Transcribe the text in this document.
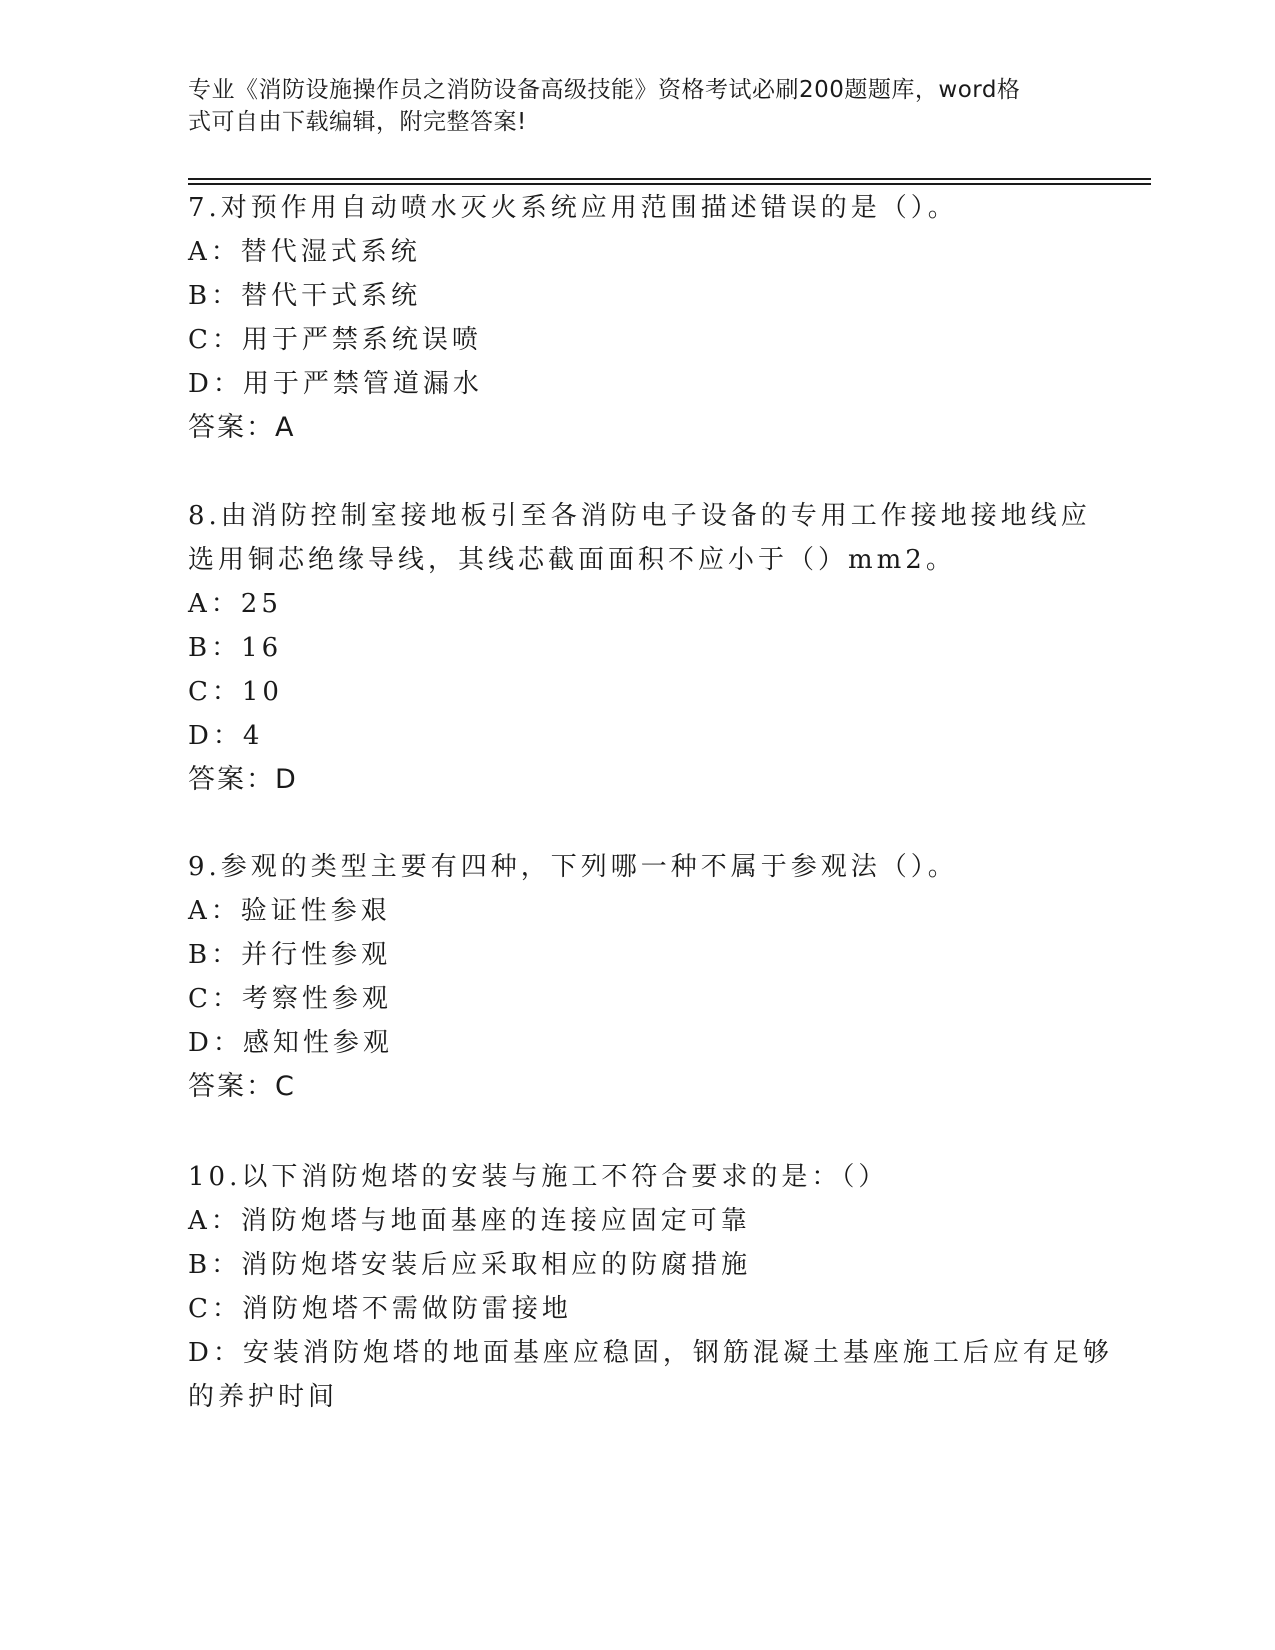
专业《消防设施操作员之消防设备高级技能》资格考试必刷200题题库，word格
式可自由下载编辑，附完整答案!
7.对预作用自动喷水灭火系统应用范围描述错误的是（）。
A：替代湿式系统
B：替代干式系统
C：用于严禁系统误喷
D：用于严禁管道漏水
答案：A
8.由消防控制室接地板引至各消防电子设备的专用工作接地接地线应
选用铜芯绝缘导线，其线芯截面面积不应小于（）mm2。
A：25
B：16
C：10
D：4
答案：D
9.参观的类型主要有四种，下列哪一种不属于参观法（）。
A：验证性参艰
B：并行性参观
C：考察性参观
D：感知性参观
答案：C
10.以下消防炮塔的安装与施工不符合要求的是：（）
A：消防炮塔与地面基座的连接应固定可靠
B：消防炮塔安装后应采取相应的防腐措施
C：消防炮塔不需做防雷接地
D：安装消防炮塔的地面基座应稳固，钢筋混凝土基座施工后应有足够
的养护时间
